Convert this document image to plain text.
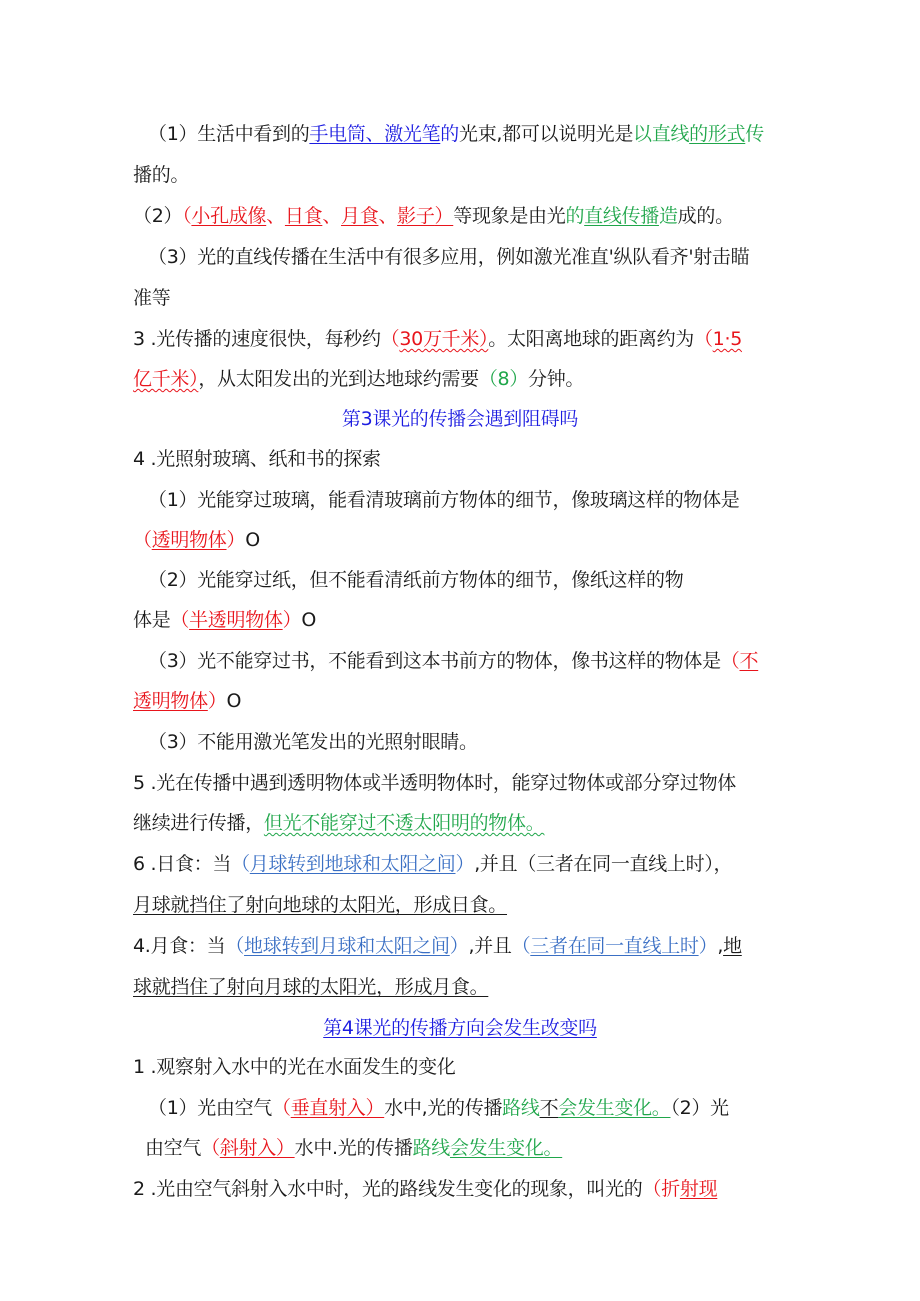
（1）生活中看到的手电筒、激光笔的光束,都可以说明光是以直线的形式传
播的。
（2）（小孔成像、日食、月食、影子）等现象是由光的直线传播造成的。
（3）光的直线传播在生活中有很多应用，例如激光准直'纵队看齐'射击瞄
准等
3 .光传播的速度很快，每秒约（30万千米）。太阳离地球的距离约为（1·5
亿千米），从太阳发出的光到达地球约需要（8）分钟。
第3课光的传播会遇到阻碍吗
4 .光照射玻璃、纸和书的探索
（1）光能穿过玻璃，能看清玻璃前方物体的细节，像玻璃这样的物体是
（透明物体）O
（2）光能穿过纸，但不能看清纸前方物体的细节，像纸这样的物
体是（半透明物体）O
（3）光不能穿过书，不能看到这本书前方的物体，像书这样的物体是（不
透明物体）O
（3）不能用激光笔发出的光照射眼睛。
5 .光在传播中遇到透明物体或半透明物体时，能穿过物体或部分穿过物体
继续进行传播，但光不能穿过不透太阳明的物体。
6 .日食：当（月球转到地球和太阳之间）,并且（三者在同一直线上时），
月球就挡住了射向地球的太阳光，形成日食。
4.月食：当（地球转到月球和太阳之间）,并且（三者在同一直线上时）,地
球就挡住了射向月球的太阳光，形成月食。
第4课光的传播方向会发生改变吗
1 .观察射入水中的光在水面发生的变化
（1）光由空气（垂直射入）水中,光的传播路线不会发生变化。（2）光
由空气（斜射入）水中.光的传播路线会发生变化。
2 .光由空气斜射入水中时，光的路线发生变化的现象，叫光的（折射现
